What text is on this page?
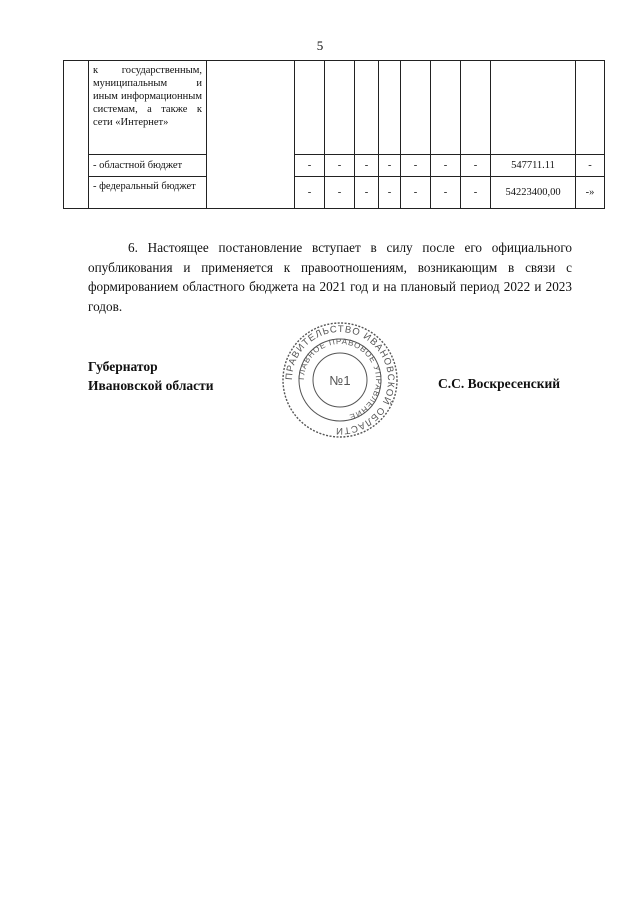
5
	к государственным, муниципальным и иным информационным системам, а также к сети «Интернет»										
	- областной бюджет		-	-	-	-	-	-	-	547711.11	-
	- федеральный бюджет		-	-	-	-	-	-	-	54223400,00	-»

6. Настоящее постановление вступает в силу после его официального опубликования и применяется к правоотношениям, возникающим в связи с формированием областного бюджета на 2021 год и на плановый период 2022 и 2023 годов.

Губернатор
Ивановской области	С.С. Воскресенский
ПРАВИТЕЛЬСТВО ИВАНОВСКОЙ ОБЛАСТИ
ГЛАВНОЕ ПРАВОВОЕ УПРАВЛЕНИЕ
№1
